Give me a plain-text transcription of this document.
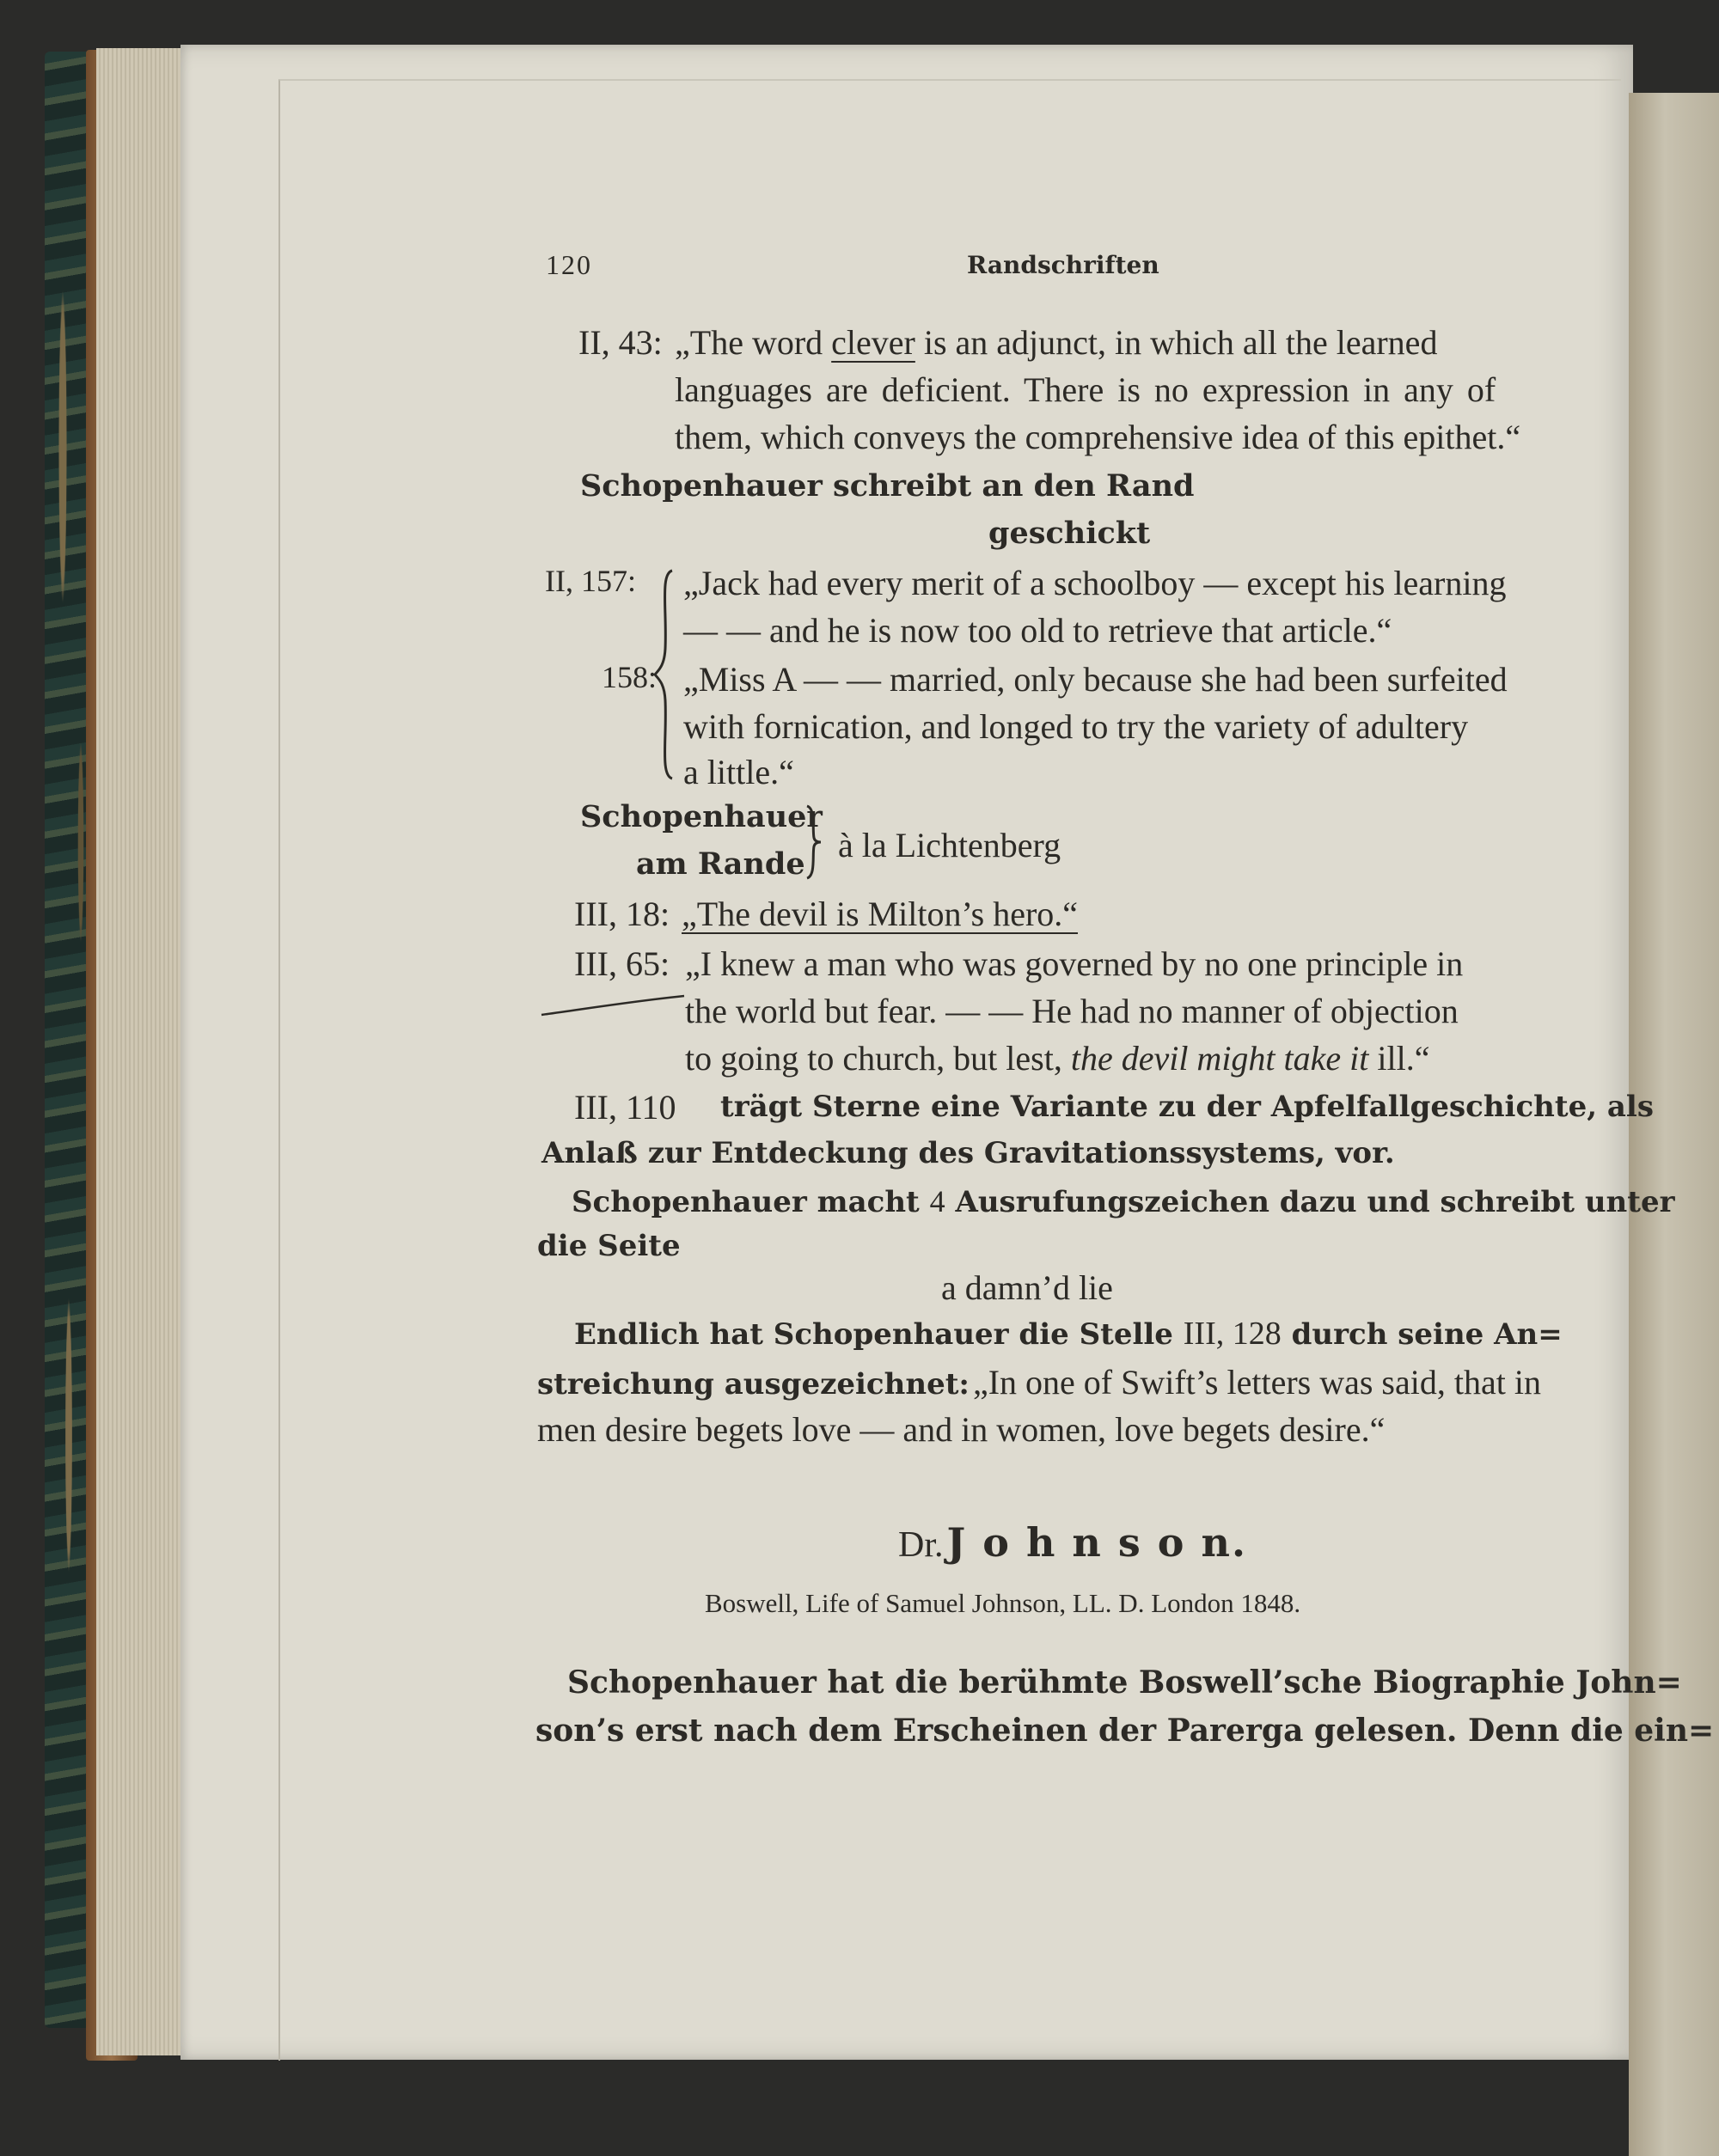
120	Randschriften
II, 43: „The word clever is an adjunct, in which all the learned
languages are deficient. There is no expression in any of
them, which conveys the comprehensive idea of this epithet.“
Schopenhauer schreibt an den Rand
geschickt
II, 157:
158:
„Jack had every merit of a schoolboy — except his learning
— — and he is now too old to retrieve that article.“
„Miss A — — married, only because she had been surfeited
with fornication, and longed to try the variety of adultery
a little.“
Schopenhauer
am Rande à la Lichtenberg
III, 18: „The devil is Milton’s hero.“
III, 65: „I knew a man who was governed by no one principle in
the world but fear. — — He had no manner of objection
to going to church, but lest, the devil might take it ill.“
III, 110 trägt Sterne eine Variante zu der Apfelfallgeschichte, als
Anlaß zur Entdeckung des Gravitationssystems, vor.
Schopenhauer macht 4 Ausrufungszeichen dazu und schreibt unter
die Seite
a damn’d lie
Endlich hat Schopenhauer die Stelle III, 128 durch seine An=
streichung ausgezeichnet: „In one of Swift’s letters was said, that in
men desire begets love — and in women, love begets desire.“
Dr. J o h n s o n.
Boswell, Life of Samuel Johnson, LL. D. London 1848.
Schopenhauer hat die berühmte Boswell’sche Biographie John=
son’s erst nach dem Erscheinen der Parerga gelesen. Denn die ein=
